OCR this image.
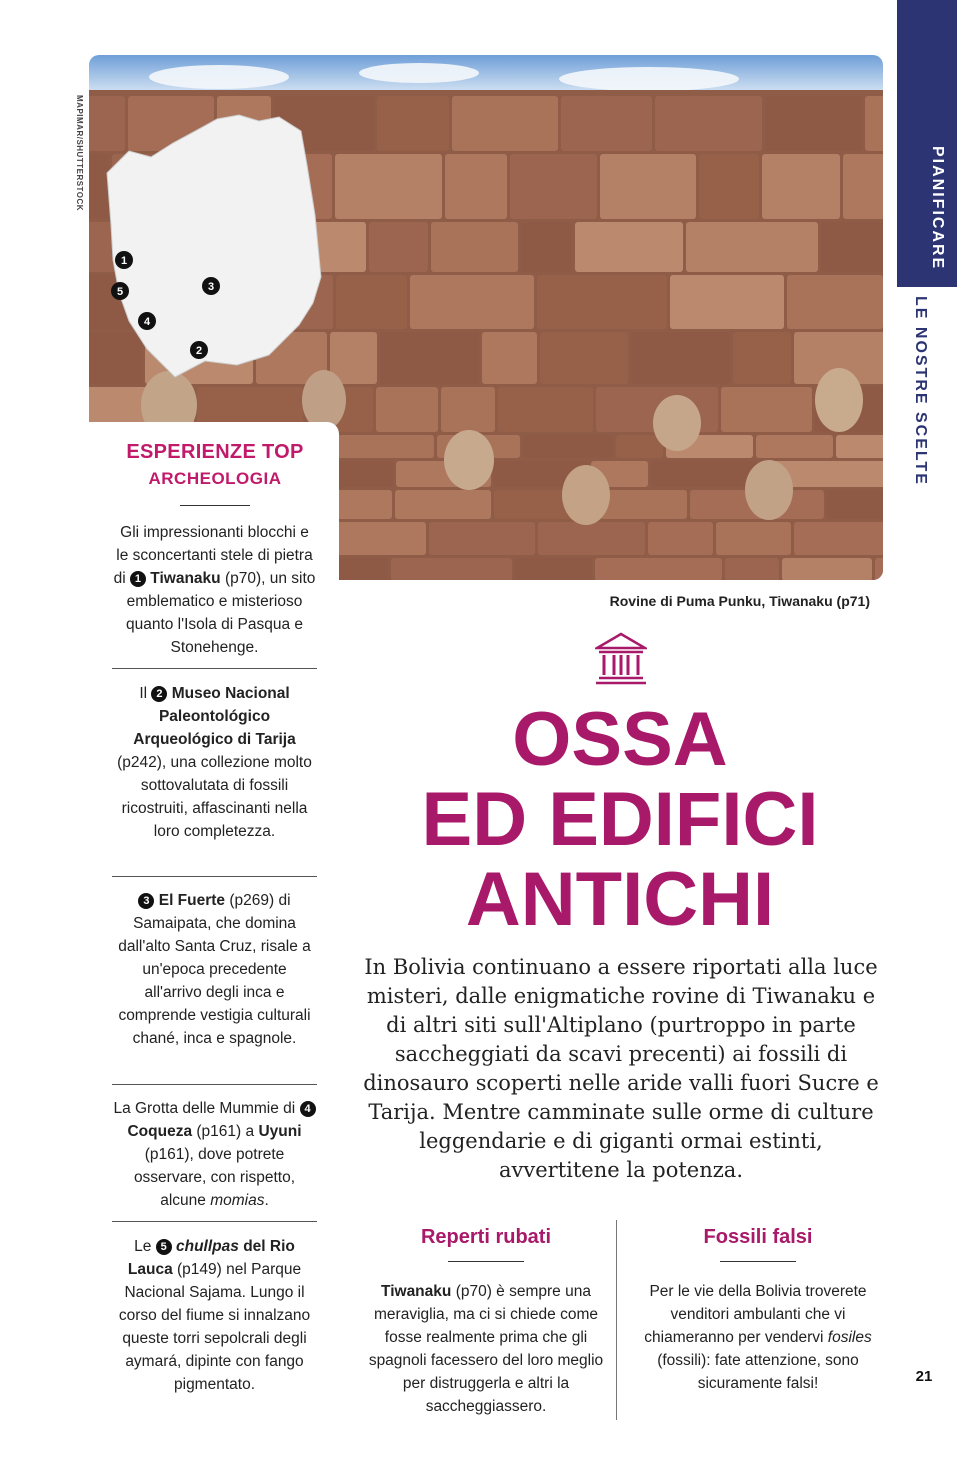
PIANIFICARE
LE NOSTRE SCELTE
MAPIMAR/SHUTTERSTOCK
1
5
4
3
2
Rovine di Puma Punku, Tiwanaku (p71)
ESPERIENZE TOP
ARCHEOLOGIA
Gli impressionanti blocchi e le sconcertanti stele di pietra di 1 Tiwanaku (p70), un sito emblematico e misterioso quanto l'Isola di Pasqua e Stonehenge.
Il 2 Museo Nacional Paleontológico Arqueológico di Tarija (p242), una collezione molto sottovalutata di fossili ricostruiti, affascinanti nella loro completezza.
3 El Fuerte (p269) di Samaipata, che domina dall'alto Santa Cruz, risale a un'epoca precedente all'arrivo degli inca e comprende vestigia culturali chané, inca e spagnole.
La Grotta delle Mummie di 4 Coqueza (p161) a Uyuni (p161), dove potrete osservare, con rispetto, alcune momias.
Le 5 chullpas del Rio Lauca (p149) nel Parque Nacional Sajama. Lungo il corso del fiume si innalzano queste torri sepolcrali degli aymará, dipinte con fango pigmentato.
OSSA
ED EDIFICI
ANTICHI
In Bolivia continuano a essere riportati alla luce misteri, dalle enigmatiche rovine di Tiwanaku e di altri siti sull'Altiplano (purtroppo in parte saccheggiati da scavi precenti) ai fossili di dinosauro scoperti nelle aride valli fuori Sucre e Tarija. Mentre camminate sulle orme di culture leggendarie e di giganti ormai estinti, avvertitene la potenza.
Reperti rubati
Tiwanaku (p70) è sempre una meraviglia, ma ci si chiede come fosse realmente prima che gli spagnoli facessero del loro meglio per distruggerla e altri la saccheggiassero.
Fossili falsi
Per le vie della Bolivia troverete venditori ambulanti che vi chiameranno per vendervi fosiles (fossili): fate attenzione, sono sicuramente falsi!	21
